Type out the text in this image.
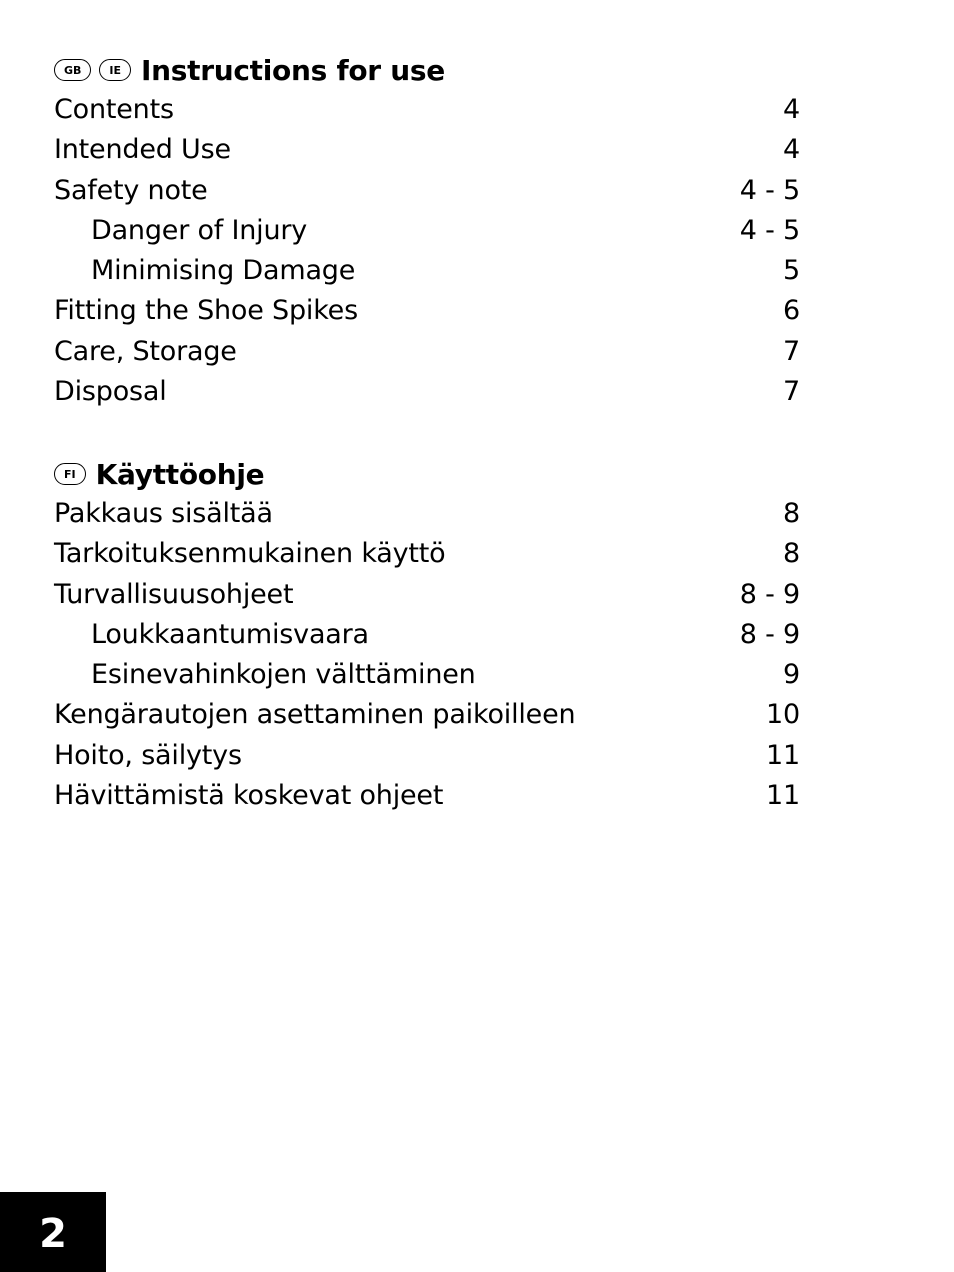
GB	IE Instructions for use
Contents	4
Intended Use	4
Safety note	4 - 5
Danger of Injury	4 - 5
Minimising Damage	5
Fitting the Shoe Spikes	6
Care, Storage	7
Disposal	7
FI Käyttöohje
Pakkaus sisältää	8
Tarkoituksenmukainen käyttö	8
Turvallisuusohjeet	8 - 9
Loukkaantumisvaara	8 - 9
Esinevahinkojen välttäminen	9
Kengärautojen asettaminen paikoilleen	10
Hoito, säilytys	11
Hävittämistä koskevat ohjeet	11
2
